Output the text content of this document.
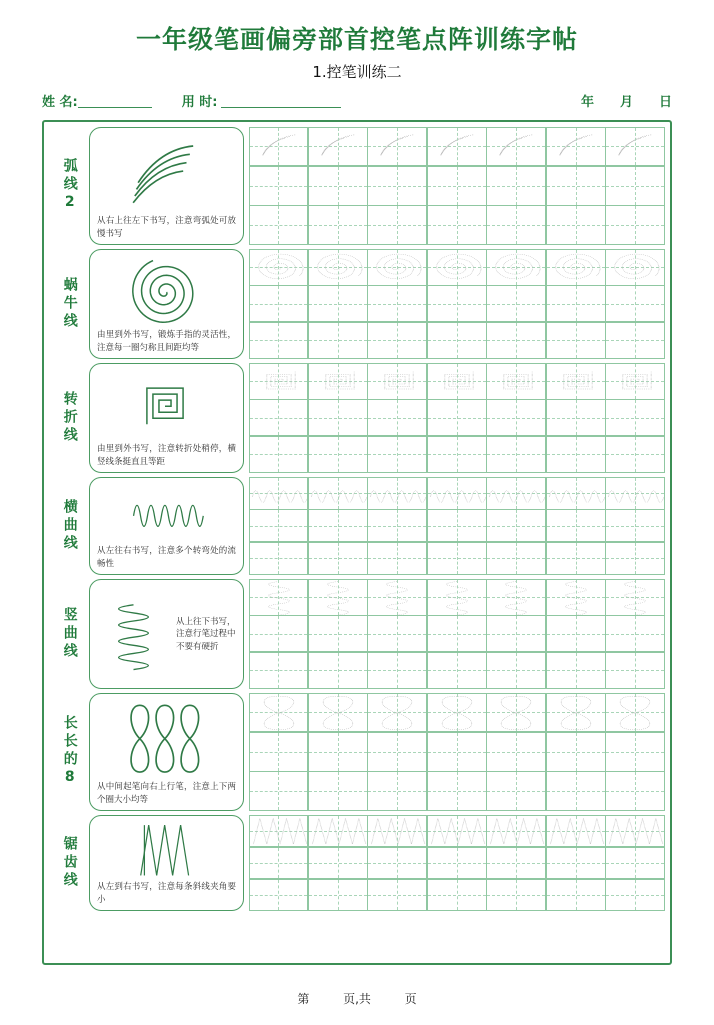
一年级笔画偏旁部首控笔点阵训练字帖
1.控笔训练二
姓 名:	用 时:	年 月 日
弧线2
从右上往左下书写，注意弯弧处可放慢书写
蜗牛线
由里到外书写，锻炼手指的灵活性，注意每一圈匀称且间距均等
转折线
由里到外书写，注意转折处稍停，横竖线条挺直且等距
横曲线	从左往右书写，注意多个转弯处的流畅性
竖曲线	从上往下书写，注意行笔过程中不要有硬折
长长的8	从中间起笔向右上行笔，注意上下两个圈大小均等
锯齿线	从左到右书写，注意每条斜线夹角要小
第	页,共	页
